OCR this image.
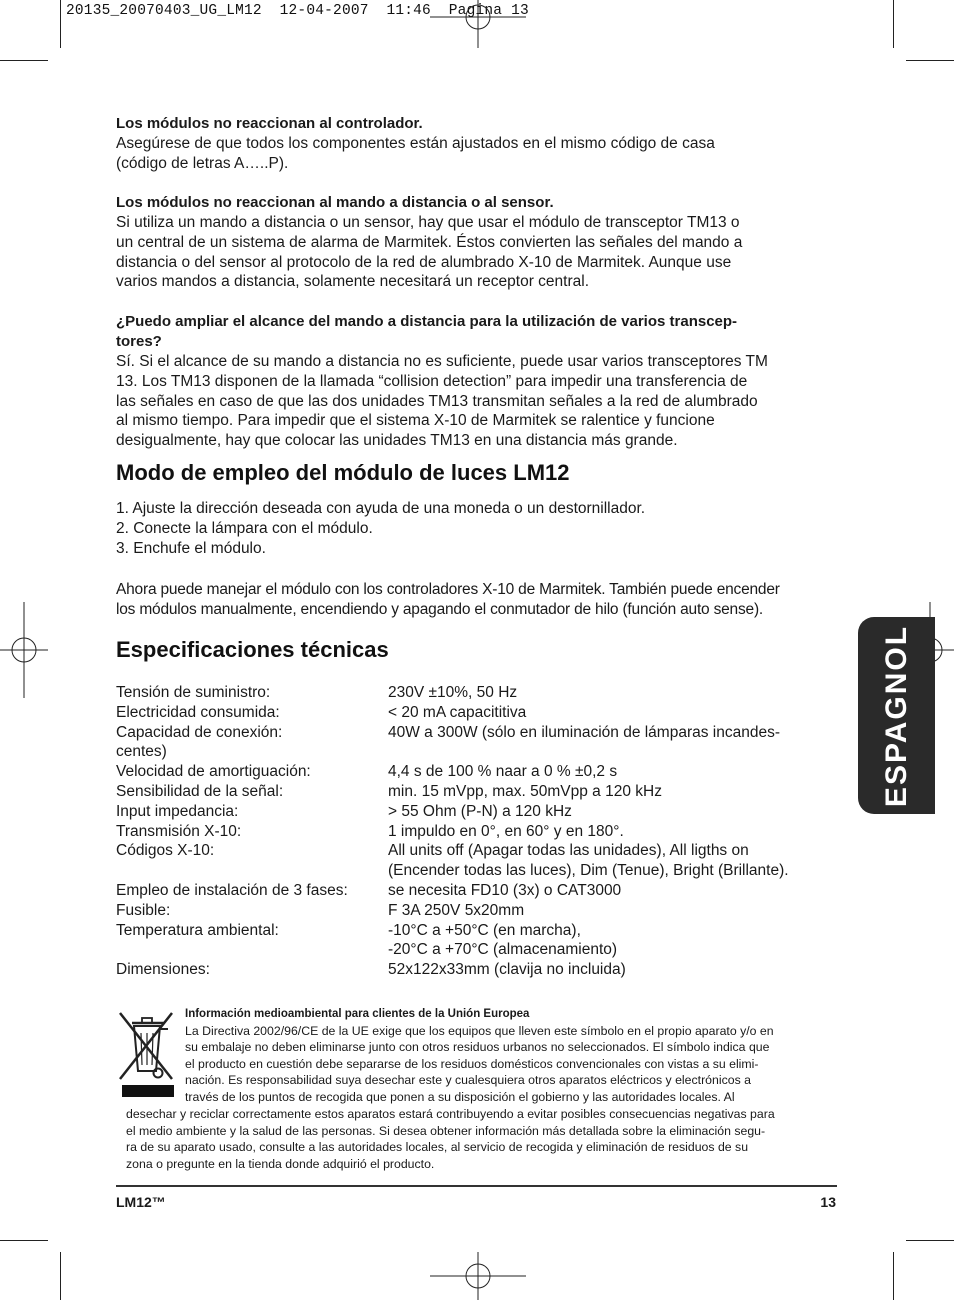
20135_20070403_UG_LM12  12-04-2007  11:46  Pagina 13
Los módulos no reaccionan al controlador.
Asegúrese de que todos los componentes están ajustados en el mismo código de casa
(código de letras A…..P).
Los módulos no reaccionan al mando a distancia o al sensor.
Si utiliza un mando a distancia o un sensor, hay que usar el módulo de transceptor TM13 o
un central de un sistema de alarma de Marmitek. Éstos convierten las señales del mando a
distancia o del sensor al protocolo de la red de alumbrado X-10 de Marmitek. Aunque use
varios mandos a distancia, solamente necesitará un receptor central.
¿Puedo ampliar el alcance del mando a distancia para la utilización de varios transcep-
tores?
Sí. Si el alcance de su mando a distancia no es suficiente, puede usar varios transceptores TM
13. Los TM13 disponen de la llamada “collision detection” para impedir una transferencia de
las señales en caso de que las dos unidades TM13 transmitan señales a la red de alumbrado
al mismo tiempo. Para impedir que el sistema X-10 de Marmitek se ralentice y funcione
desigualmente, hay que colocar las unidades TM13 en una distancia más grande.
Modo de empleo del módulo de luces LM12
1. Ajuste la dirección deseada con ayuda de una moneda o un destornillador.
2. Conecte la lámpara con el módulo.
3. Enchufe el módulo.
Ahora puede manejar el módulo con los controladores X-10 de Marmitek. También puede encender
los módulos manualmente, encendiendo y apagando el conmutador de hilo (función auto sense).
Especificaciones técnicas
Tensión de suministro:	230V ±10%, 50 Hz
Electricidad consumida:	< 20 mA capacititiva
Capacidad de conexión:	40W a 300W (sólo en iluminación de lámparas incandes-
centes)
Velocidad de amortiguación:	4,4 s de 100 % naar a 0 % ±0,2 s
Sensibilidad de la señal:	min. 15 mVpp, max. 50mVpp a 120 kHz
Input impedancia:	> 55 Ohm (P-N) a 120 kHz
Transmisión X-10:	1 impuldo en 0°, en 60° y en 180°.
Códigos X-10:	All units off (Apagar todas las unidades), All ligths on
(Encender todas las luces), Dim (Tenue), Bright (Brillante).
Empleo de instalación de 3 fases:	se necesita FD10 (3x) o CAT3000
Fusible:	F 3A 250V 5x20mm
Temperatura ambiental:	-10°C a +50°C (en marcha),
-20°C a +70°C (almacenamiento)
Dimensiones:	52x122x33mm (clavija no incluida)
ESPAGNOL
Información medioambiental para clientes de la Unión Europea
La Directiva 2002/96/CE de la UE exige que los equipos que lleven este símbolo en el propio aparato y/o en
su embalaje no deben eliminarse junto con otros residuos urbanos no seleccionados. El símbolo indica que
el producto en cuestión debe separarse de los residuos domésticos convencionales con vistas a su elimi-
nación. Es responsabilidad suya desechar este y cualesquiera otros aparatos eléctricos y electrónicos a
través de los puntos de recogida que ponen a su disposición el gobierno y las autoridades locales. Al
desechar y reciclar correctamente estos aparatos estará contribuyendo a evitar posibles consecuencias negativas para
el medio ambiente y la salud de las personas. Si desea obtener información más detallada sobre la eliminación segu-
ra de su aparato usado, consulte a las autoridades locales, al servicio de recogida y eliminación de residuos de su
zona o pregunte en la tienda donde adquirió el producto.
LM12™	13
